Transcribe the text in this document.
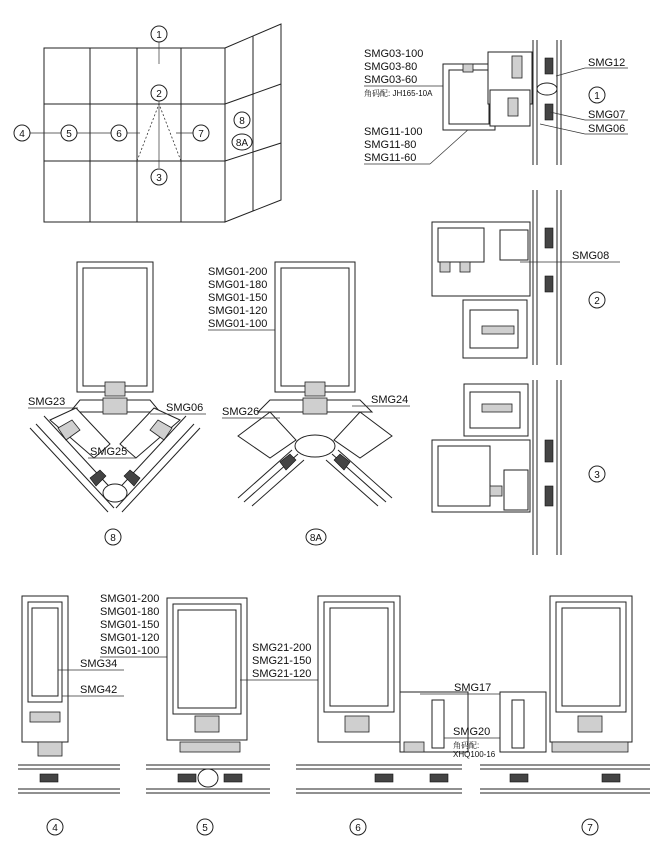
1
2
3
4	5	6	7
8
8A
SMG03-100
SMG03-80
SMG03-60
角码配: JH165-10A
SMG11-100
SMG11-80
SMG11-60
SMG12
SMG07
SMG06
1
SMG08
2
3
SMG23	SMG06
SMG25
8
SMG01-200
SMG01-180
SMG01-150
SMG01-120
SMG01-100
SMG26
SMG24
8A
SMG34
SMG42
4
SMG01-200
SMG01-180
SMG01-150
SMG01-120
SMG01-100	SMG21-200
SMG21-150
SMG21-120
5
SMG17
SMG20
角码配:
XHQ100-16
6	7
